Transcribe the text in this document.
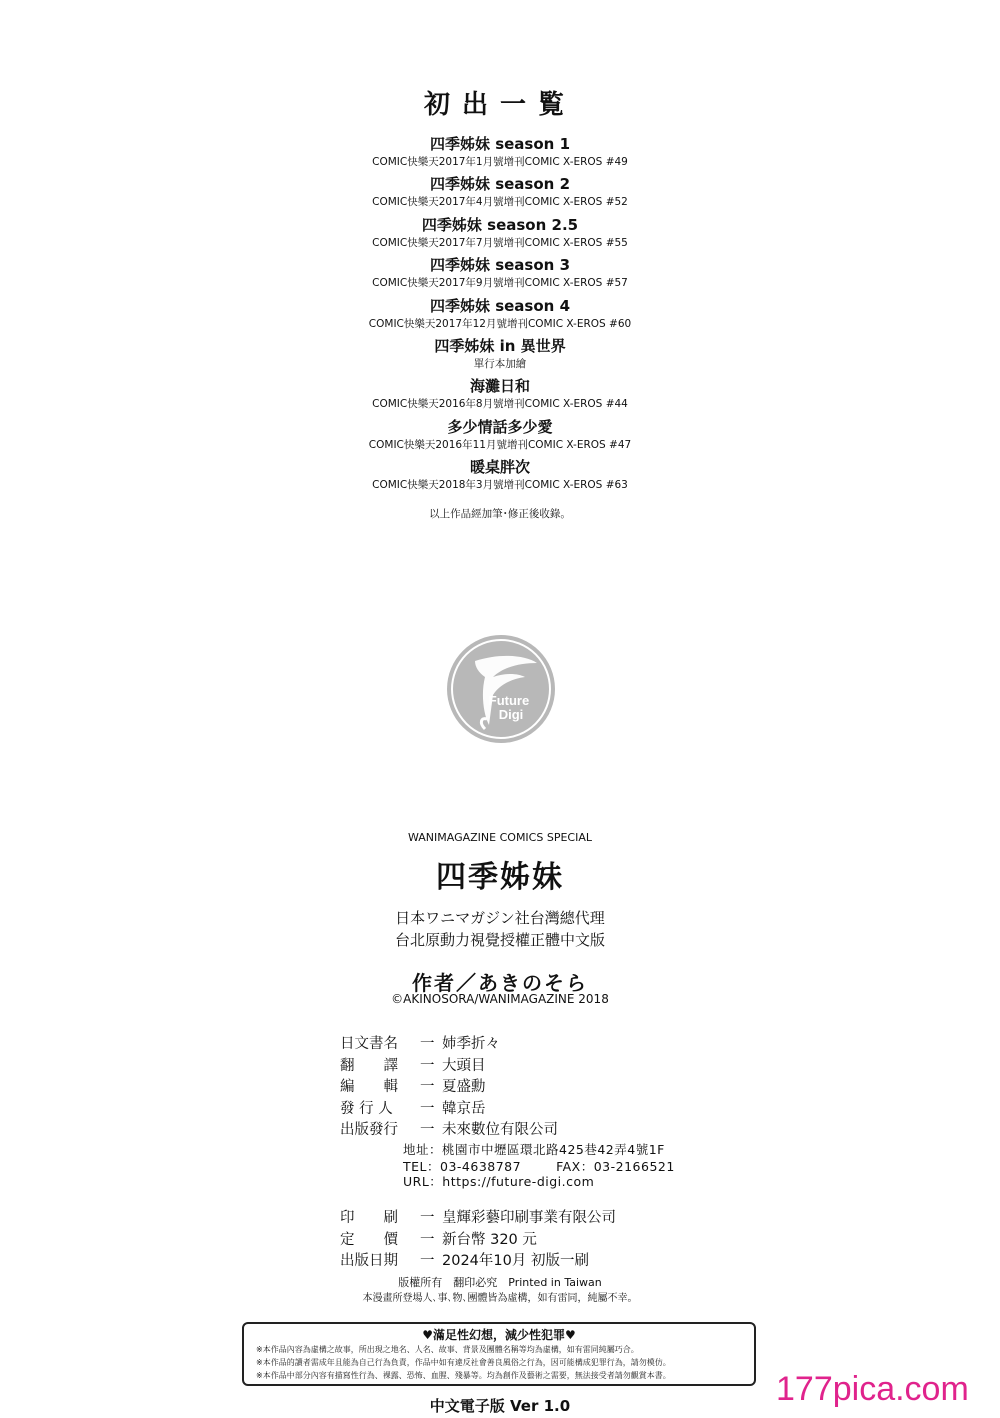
初出一覧
四季姊妹 season 1
COMIC快樂天2017年1月號增刊COMIC X-EROS #49
四季姊妹 season 2
COMIC快樂天2017年4月號增刊COMIC X-EROS #52
四季姊妹 season 2.5
COMIC快樂天2017年7月號增刊COMIC X-EROS #55
四季姊妹 season 3
COMIC快樂天2017年9月號增刊COMIC X-EROS #57
四季姊妹 season 4
COMIC快樂天2017年12月號增刊COMIC X-EROS #60
四季姊妹 in 異世界
單行本加繪
海灘日和
COMIC快樂天2016年8月號增刊COMIC X-EROS #44
多少情話多少愛
COMIC快樂天2016年11月號增刊COMIC X-EROS #47
暖桌胖次
COMIC快樂天2018年3月號增刊COMIC X-EROS #63
以上作品經加筆･修正後收錄。
Future
Digi
WANIMAGAZINE COMICS SPECIAL
四季姊妹
日本ワニマガジン社台灣總代理
台北原動力視覺授權正體中文版
作者／あきのそら
©AKINOSORA/WANIMAGAZINE 2018
日文書名 一 姉季折々
翻　　譯 一 大頭目
編　　輯 一 夏盛勳
發 行 人 一 韓京岳
出版發行 一 未來數位有限公司
地址：桃園市中壢區環北路425巷42弄4號1F
TEL：03-4638787	FAX：03-2166521
URL：https://future-digi.com
印　　刷 一 皇輝彩藝印刷事業有限公司
定　　價 一 新台幣 320 元
出版日期 一 2024年10月 初版一刷
版權所有　翻印必究　Printed in Taiwan
本漫畫所登場人､事､物､團體皆為虛構，如有雷同，純屬不幸。
♥滿足性幻想，減少性犯罪♥
※本作品內容為虛構之故事，所出現之地名、人名、故事、背景及團體名稱等均為虛構，如有雷同純屬巧合。
※本作品的讀者需成年且能為自己行為負責，作品中如有違反社會善良風俗之行為，因可能構成犯罪行為，請勿模仿。
※本作品中部分內容有描寫性行為、裸露、恐怖、血腥、殘暴等。均為創作及藝術之需要，無法接受者請勿觀賞本書。
中文電子版 Ver 1.0	177pica.com
